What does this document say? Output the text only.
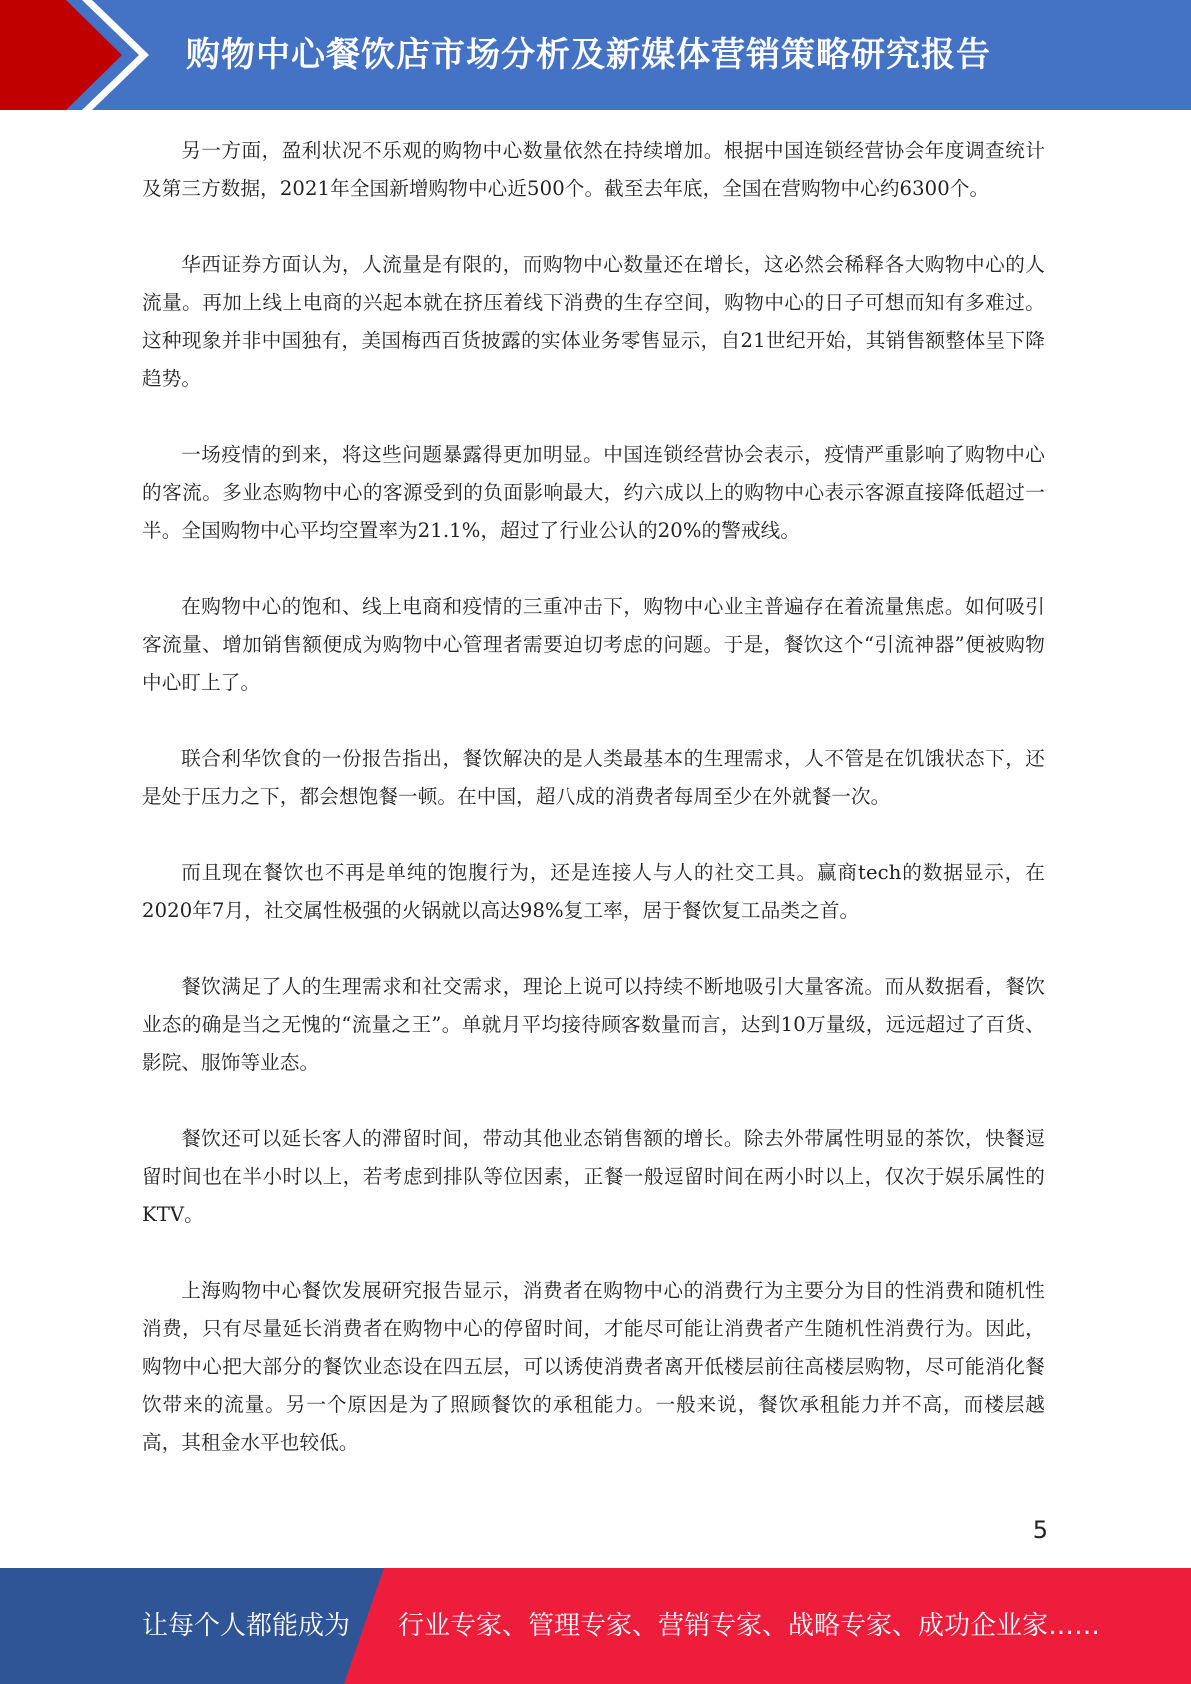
购物中心餐饮店市场分析及新媒体营销策略研究报告

另一方面，盈利状况不乐观的购物中心数量依然在持续增加。根据中国连锁经营协会年度调查统计及第三方数据，2021年全国新增购物中心近500个。截至去年底，全国在营购物中心约6300个。

华西证券方面认为，人流量是有限的，而购物中心数量还在增长，这必然会稀释各大购物中心的人流量。再加上线上电商的兴起本就在挤压着线下消费的生存空间，购物中心的日子可想而知有多难过。这种现象并非中国独有，美国梅西百货披露的实体业务零售显示，自21世纪开始，其销售额整体呈下降趋势。

一场疫情的到来，将这些问题暴露得更加明显。中国连锁经营协会表示，疫情严重影响了购物中心的客流。多业态购物中心的客源受到的负面影响最大，约六成以上的购物中心表示客源直接降低超过一半。全国购物中心平均空置率为21.1%，超过了行业公认的20%的警戒线。

在购物中心的饱和、线上电商和疫情的三重冲击下，购物中心业主普遍存在着流量焦虑。如何吸引客流量、增加销售额便成为购物中心管理者需要迫切考虑的问题。于是，餐饮这个“引流神器”便被购物中心盯上了。

联合利华饮食的一份报告指出，餐饮解决的是人类最基本的生理需求，人不管是在饥饿状态下，还是处于压力之下，都会想饱餐一顿。在中国，超八成的消费者每周至少在外就餐一次。

而且现在餐饮也不再是单纯的饱腹行为，还是连接人与人的社交工具。赢商tech的数据显示，在2020年7月，社交属性极强的火锅就以高达98%复工率，居于餐饮复工品类之首。

餐饮满足了人的生理需求和社交需求，理论上说可以持续不断地吸引大量客流。而从数据看，餐饮业态的确是当之无愧的“流量之王”。单就月平均接待顾客数量而言，达到10万量级，远远超过了百货、影院、服饰等业态。

餐饮还可以延长客人的滞留时间，带动其他业态销售额的增长。除去外带属性明显的茶饮，快餐逗留时间也在半小时以上，若考虑到排队等位因素，正餐一般逗留时间在两小时以上，仅次于娱乐属性的KTV。

上海购物中心餐饮发展研究报告显示，消费者在购物中心的消费行为主要分为目的性消费和随机性消费，只有尽量延长消费者在购物中心的停留时间，才能尽可能让消费者产生随机性消费行为。因此，购物中心把大部分的餐饮业态设在四五层，可以诱使消费者离开低楼层前往高楼层购物，尽可能消化餐饮带来的流量。另一个原因是为了照顾餐饮的承租能力。一般来说，餐饮承租能力并不高，而楼层越高，其租金水平也较低。

5
让每个人都能成为 行业专家、管理专家、营销专家、战略专家、成功企业家……
